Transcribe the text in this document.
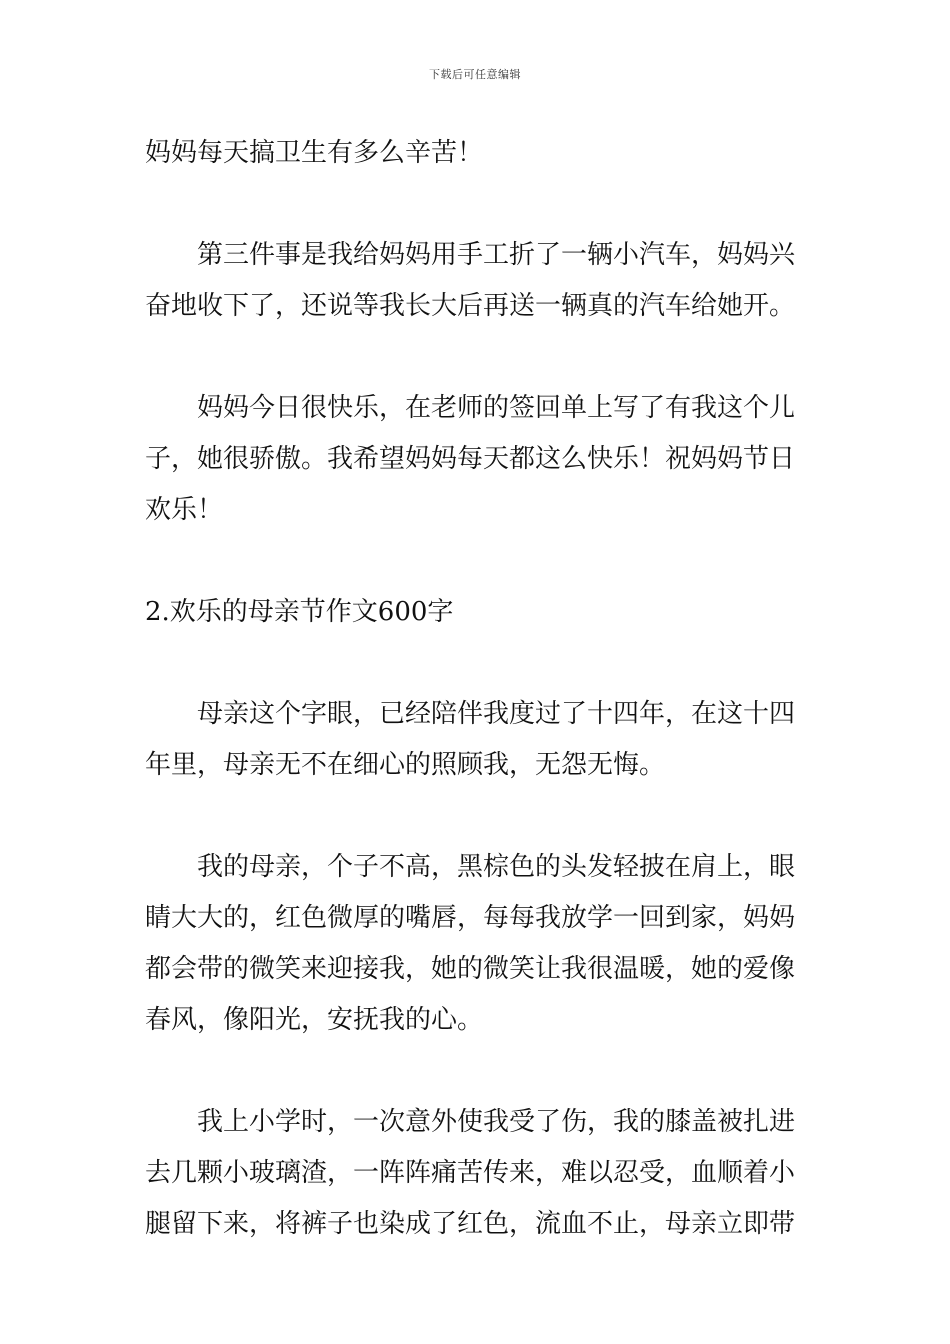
下载后可任意编辑
妈妈每天搞卫生有多么辛苦！
第三件事是我给妈妈用手工折了一辆小汽车，妈妈兴
奋地收下了，还说等我长大后再送一辆真的汽车给她开。
妈妈今日很快乐，在老师的签回单上写了有我这个儿
子，她很骄傲。我希望妈妈每天都这么快乐！祝妈妈节日
欢乐！
2.欢乐的母亲节作文600字
母亲这个字眼，已经陪伴我度过了十四年，在这十四
年里，母亲无不在细心的照顾我，无怨无悔。
我的母亲，个子不高，黑棕色的头发轻披在肩上，眼
睛大大的，红色微厚的嘴唇，每每我放学一回到家，妈妈
都会带的微笑来迎接我，她的微笑让我很温暖，她的爱像
春风，像阳光，安抚我的心。
我上小学时，一次意外使我受了伤，我的膝盖被扎进
去几颗小玻璃渣，一阵阵痛苦传来，难以忍受，血顺着小
腿留下来，将裤子也染成了红色，流血不止，母亲立即带
